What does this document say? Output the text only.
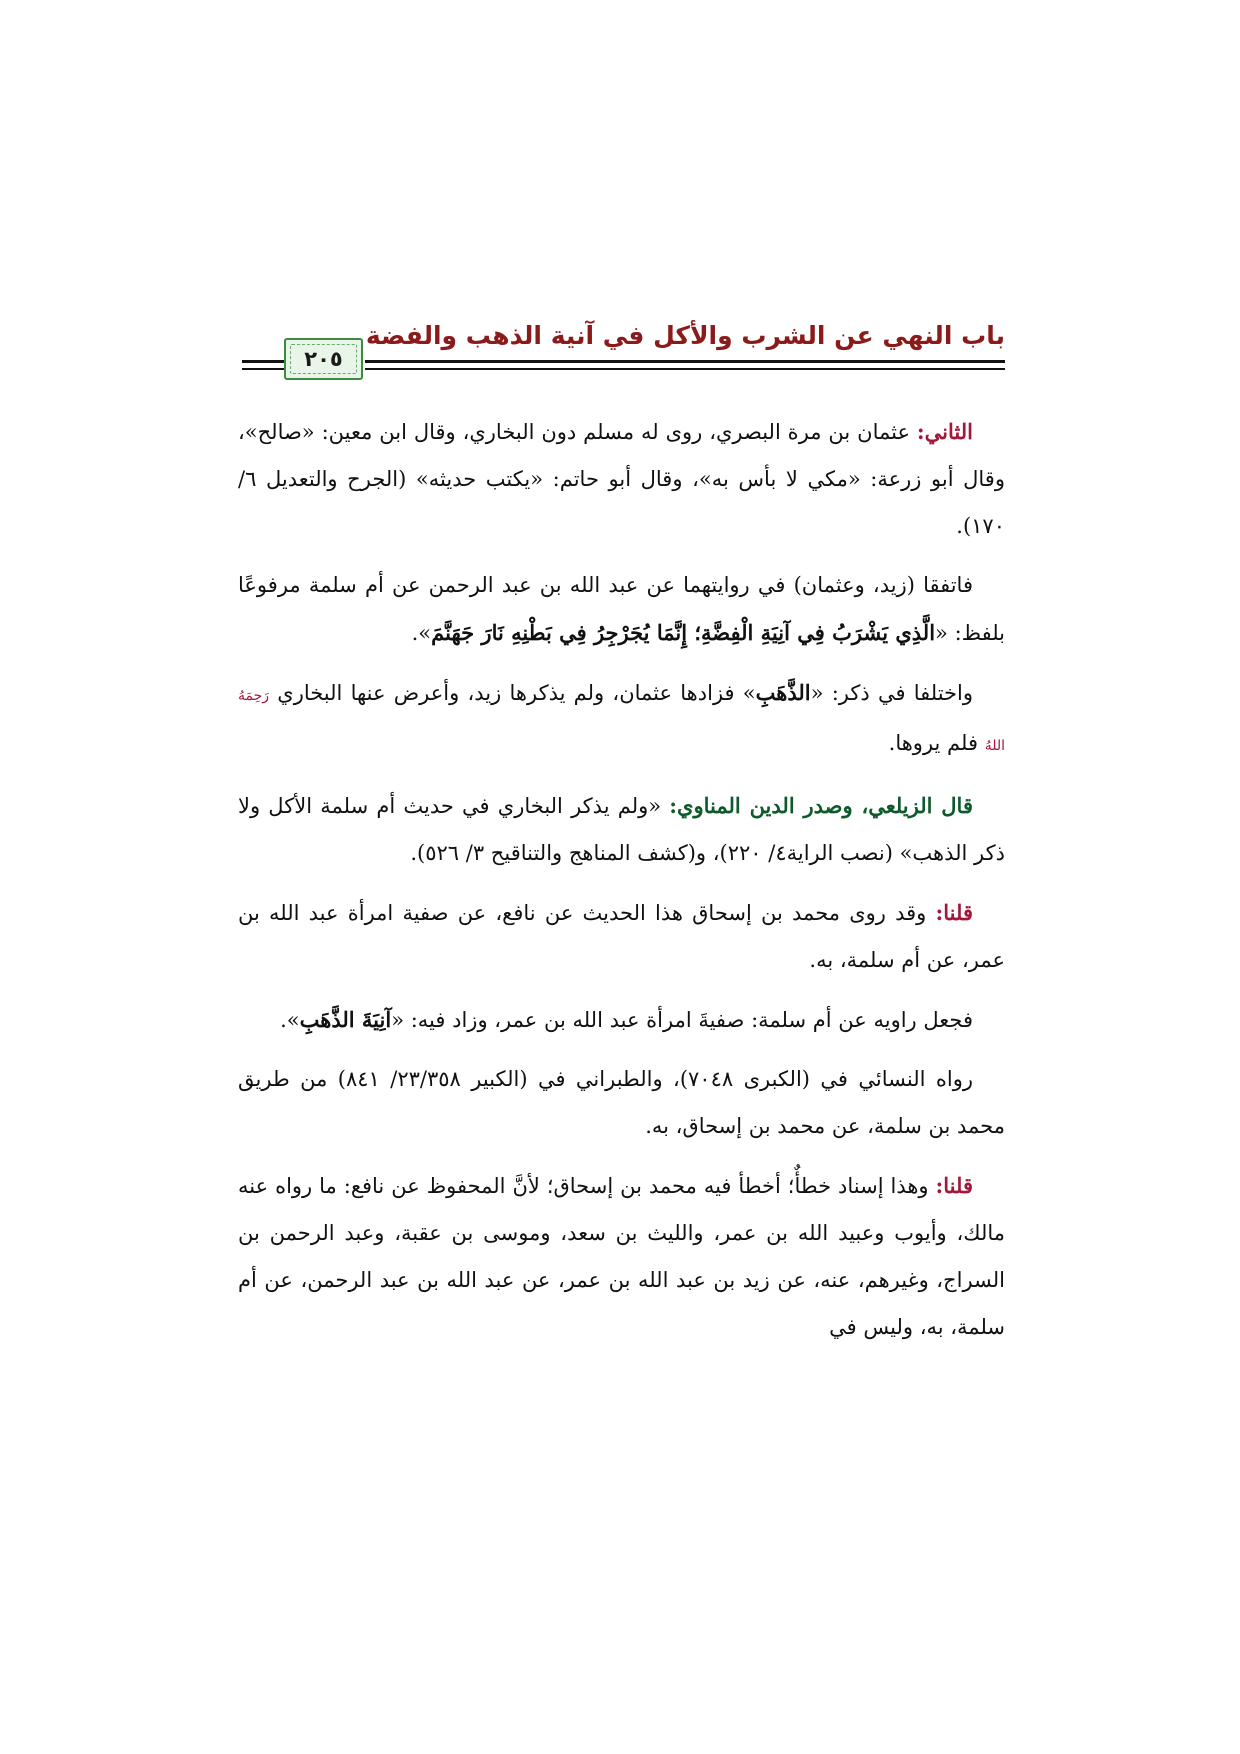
باب النهي عن الشرب والأكل في آنية الذهب والفضة
٢٠٥

الثاني: عثمان بن مرة البصري، روى له مسلم دون البخاري، وقال ابن معين: «صالح»، وقال أبو زرعة: «مكي لا بأس به»، وقال أبو حاتم: «يكتب حديثه» (الجرح والتعديل ٦/ ١٧٠).

فاتفقا (زيد، وعثمان) في روايتهما عن عبد الله بن عبد الرحمن عن أم سلمة مرفوعًا بلفظ: «الَّذِي يَشْرَبُ فِي آنِيَةِ الْفِضَّةِ؛ إِنَّمَا يُجَرْجِرُ فِي بَطْنِهِ نَارَ جَهَنَّمَ».

واختلفا في ذكر: «الذَّهَبِ» فزادها عثمان، ولم يذكرها زيد، وأعرض عنها البخاري رَحِمَهُ اللهُ فلم يروها.

قال الزيلعي، وصدر الدين المناوي: «ولم يذكر البخاري في حديث أم سلمة الأكل ولا ذكر الذهب» (نصب الراية٤/ ٢٢٠)، و(كشف المناهج والتناقيح ٣/ ٥٢٦).

قلنا: وقد روى محمد بن إسحاق هذا الحديث عن نافع، عن صفية امرأة عبد الله بن عمر، عن أم سلمة، به.

فجعل راويه عن أم سلمة: صفيةَ امرأة عبد الله بن عمر، وزاد فيه: «آنِيَةَ الذَّهَبِ».

رواه النسائي في (الكبرى ٧٠٤٨)، والطبراني في (الكبير ٢٣/٣٥٨/ ٨٤١) من طريق محمد بن سلمة، عن محمد بن إسحاق، به.

قلنا: وهذا إسناد خطأٌ؛ أخطأ فيه محمد بن إسحاق؛ لأنَّ المحفوظ عن نافع: ما رواه عنه مالك، وأيوب وعبيد الله بن عمر، والليث بن سعد، وموسى بن عقبة، وعبد الرحمن بن السراج، وغيرهم، عنه، عن زيد بن عبد الله بن عمر، عن عبد الله بن عبد الرحمن، عن أم سلمة، به، وليس في
